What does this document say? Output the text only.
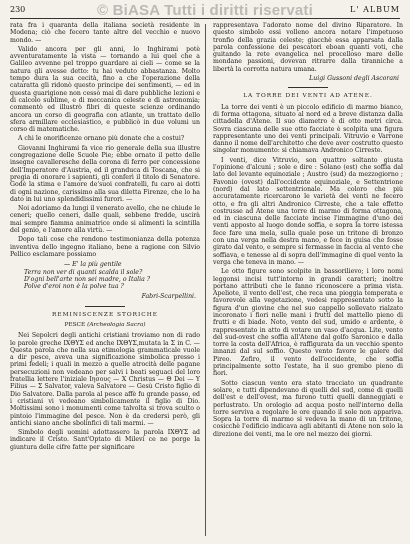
© BiASA Tutti i diritti riservati
230	L' ALBUM

rata fra i quaranta della italiana società residente in Modena; ciò che fecero tante altre del vecchio e nuovo mondo. —

Valido ancora per gli anni, lo Inghirami potè avventuratamente la vista — tornando a lui quel che a Galileo avvenne pel troppo guardare ai cieli — come se la natura gli avesse detto: tu hai veduto abbastanza. Molto tempo dura la sua cecità, fino a che l'operazione della cataratta gli ridonò questo principe dei sentimenti, — ed in questa guarigione non cessò mai di dare pubbliche lezioni e di calcolo sublime, e di meccanica celeste e di astronomia; commentò ed illustrò fibri di queste scienze ordinando ancora un corso di geografia con atlante, un trattato dello sfera armillare ecclesiastico, e pubblicò in due volumi un corso di matematiche.

A chi le onorificenze ornano più donate che a costui?

Giovanni Inghirami fa vice rio generale della sua illustre congregazione delle Scuole Pie; ebbe ornato il petto delle insegne cavalleresche della corona di ferro per concessione dell'Imperatore d'Austria, ed il granduca di Toscana, che si pregia di onorare i sapienti, gli conferì il titolo di Senatore. Godè la stima e l'amore de'suoi confratelli, fu caro ai dotti di ogni nazione, carissimo alla sua diletta Firenze, che lo ha dato in lui uno splendidissimi furori. —

Noi adoriamo da lungi il venerato avello, che ne chiude le ceneri; quello ceneri, dalle quali, sebbene fredde, uscirà mai sempre fiamma animatrice onde si alimenti la scintilla del genio, e l'amore alla virtù. —

Dopo tali cose che rendono testimonianza della potenza inventiva dello ingegno italiano, bene a ragione con Silvio Pellico esclamare possiamo

— E' la più gentile
Terra non ver di quanti scalda il sole?
D'ogni bell'arte non sei madre, o Italia ?
Polve d'eroi non è la polve tua ?

Fabri-Scarpellini.

REMINISCENZE STORICHE

PESCE (Archeologia Sacra)

Nei Sepolcri degli antichi cristiani troviamo non di rado le parole greche ΙΧΘΥΣ ed anche ΙΧΘΥΣ,mutata la Σ in C. — Questa parola che nella sua etimologia grammaticale vuole a dir pesce, aveva una significazione simbolica presso i primi fedeli; i quali in mezzo a quelle atrocità delle pagane persecuzioni non vedeano per salvi i beati seguaci del loro fratellia lettere l'iniziale Ιησους — Χ Christus — Θ Dei — Υ Filius — Σ Salvator, valeva Salvatore — Gesù Cristo figlio di Dio Salvatore. Dalla parola al pesce affè fu grande passo, ed i cristiani vi vedeano simbolicamente il figlio di Dio. Moltissimi sono i monumenti come talvolta si trova sculto o pintoio l'immagine del pesce. Non è da credersi però, gli antichi siano anche sbolinfici di tali marmi. —

Simbolo degli uomini adottassero la parola ΙΧΘΥΣ ad indicare il Cristo. Sant'Optato di Milevi ce ne porge la giuntura delle cifre fatte per significare

rappresentava l'adorato nome del divino Riparatore. In questo simbolo essi volleno ancora notare l'impetuoso tronfio della grazia celeste; giacchè essa apparsata dalla parola confessione dei pescatori eboan quanti voti, che guitando la rete evangelica nel procelloso mare delle mondane passioni, dovevan ritrarre dalla tiranniche a libertà la corrotta natura umana.

Luigi Gussoni degli Ascorani

LA TORRE DEI VENTI AD ATENE.

La torre dei venti è un piccolo edificio di marmo bianco, di forma ottagona, situato al nord ed a breve distanza dalla cittadella d'Atene. Il suo diametro è di otto metri circa. Sovra ciascuna delle sue otto facciate è scolpita una figura rappresentante uno dei venti principali. Vitruvio e Varrone danno il nome dell'architetto che deve aver costrutto questo singolar monumento: si chiamava Andronico Cirreste.

I venti, dice Vitruvio, son quattro soltanto giusta l'opinione d'alcuni ; sole e dire : Solano (est) che soffia dal lato del levante equinoziale ; Austro (sud) da mezzogiorno ; Favonio (ovest) dall'occidente equinoziale, e Settentrione (nord) dal lato settentrionale. Ma coloro che più accuratamente ricercarono le varietà dei venti ne fecero otto, e fra gli altri Andronico Cirreste, che a tale effetto costrusse ad Atene una torre di marmo di forma ottagona, ed in ciascuna delle facciate incise l'immagine d'uno dei venti apposto al luogo donde soffia, e sopra la torre istessa fece fare una mela, sulla quale pose un tritone di bronzo con una verga nella destra mano, e fece in guisa che fosse girato dal vento, e sempre si fermasse in faccia al vento che soffiava, e tenesse al di sopra dell'immagine di quel vento la verga che teneva in mano. —

Le otto figure sono scolpite in bassorilievo; i loro nomi leggonsi incisi tutt'intorno in grandi caratteri; inoltre portano attributi che le fanno riconoscere a prima vista. Apeliote, il vento dell'est, che reca una pioggia temperata e favorevole alla vegetazione, vedesi rappresentato sotto la figura d'un giovine che nel suo cappello sollevato rialzato incoronato i fiori nelle mani i frutti del mattello pieno di frutti e di biade. Noto, vento del sud, umido e ardente, è rappresentato in atto di votare un vaso d'acqua. Lite, vento del sud-ovest che soffia all'Atene dal golfo Saronico e dalla torre la costa dell'Africa, è raffigurata da un vecchio spento innanzi dal sul soffio. Questo vento favore le galere del Pireo. Zefiro, il vento dell'occidente, che soffia principalmente sotto l'estate, ha il suo grembo pieno di fiori.

Sotto ciascun vento era stato tracciato un quadrante solare, e tutti dipendevano di quelli del sud, come di quelli dell'est e dell'ovest, ma furono tutti quelli danneggiati e perlustrato. Un orologio ad acqua posto nell'interno della torre serviva a regolare le ore quando il sole non appariva. Sopra la torre di marmo si vedeva la mano di un tritone, cosicchè l'edificio indicava agli abitanti di Atene non solo la direzione dei venti, ma le ore nel mezzo dei giorni.
